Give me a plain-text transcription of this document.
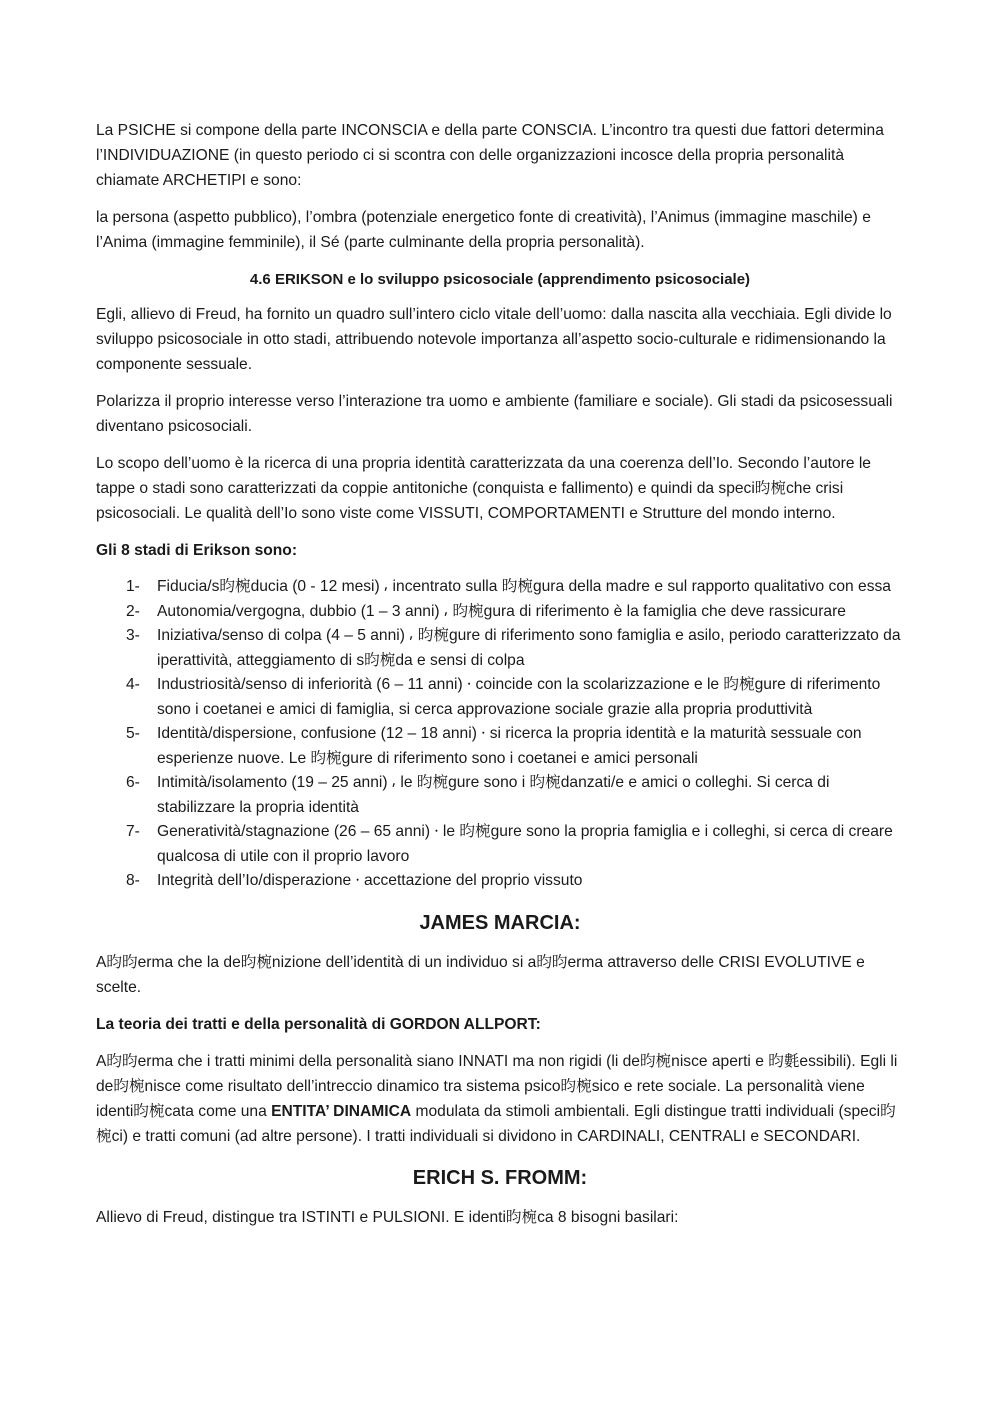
La PSICHE si compone della parte INCONSCIA e della parte CONSCIA. L’incontro tra questi due fattori determina l’INDIVIDUAZIONE (in questo periodo ci si scontra con delle organizzazioni incosce della propria personalità chiamate ARCHETIPI e sono:

la persona (aspetto pubblico), l’ombra (potenziale energetico fonte di creatività), l’Animus (immagine maschile) e l’Anima (immagine femminile), il Sé (parte culminante della propria personalità).

4.6 ERIKSON e lo sviluppo psicosociale (apprendimento psicosociale)

Egli, allievo di Freud, ha fornito un quadro sull’intero ciclo vitale dell’uomo: dalla nascita alla vecchiaia. Egli divide lo sviluppo psicosociale in otto stadi, attribuendo notevole importanza all’aspetto socio-culturale e ridimensionando la componente sessuale.

Polarizza il proprio interesse verso l’interazione tra uomo e ambiente (familiare e sociale). Gli stadi da psicosessuali diventano psicosociali.

Lo scopo dell’uomo è la ricerca di una propria identità caratterizzata da una coerenza dell’Io. Secondo l’autore le tappe o stadi sono caratterizzati da coppie antitoniche (conquista e fallimento) e quindi da speci昀椀che crisi psicosociali. Le qualità dell’Io sono viste come VISSUTI, COMPORTAMENTI e Strutture del mondo interno.

Gli 8 stadi di Erikson sono:

1- Fiducia/s昀椀ducia (0 - 12 mesi) ⸴ incentrato sulla 昀椀gura della madre e sul rapporto qualitativo con essa
2- Autonomia/vergogna, dubbio (1 – 3 anni) ⸴ 昀椀gura di riferimento è la famiglia che deve rassicurare
3- Iniziativa/senso di colpa (4 – 5 anni) ⸴ 昀椀gure di riferimento sono famiglia e asilo, periodo caratterizzato da iperattività, atteggiamento di s昀椀da e sensi di colpa
4- Industriosità/senso di inferiorità (6 – 11 anni) ⸱ coincide con la scolarizzazione e le 昀椀gure di riferimento sono i coetanei e amici di famiglia, si cerca approvazione sociale grazie alla propria produttività
5- Identità/dispersione, confusione (12 – 18 anni) ⸱ si ricerca la propria identità e la maturità sessuale con esperienze nuove. Le 昀椀gure di riferimento sono i coetanei e amici personali
6- Intimità/isolamento (19 – 25 anni) ⸴ le 昀椀gure sono i 昀椀danzati/e e amici o colleghi. Si cerca di stabilizzare la propria identità
7- Generatività/stagnazione (26 – 65 anni) ⸱ le 昀椀gure sono la propria famiglia e i colleghi, si cerca di creare qualcosa di utile con il proprio lavoro
8- Integrità dell’Io/disperazione ⸱ accettazione del proprio vissuto
JAMES MARCIA:

A昀昀erma che la de昀椀nizione dell’identità di un individuo si a昀昀erma attraverso delle CRISI EVOLUTIVE e scelte.

La teoria dei tratti e della personalità di GORDON ALLPORT:

A昀昀erma che i tratti minimi della personalità siano INNATI ma non rigidi (li de昀椀nisce aperti e 昀氀essibili). Egli li de昀椀nisce come risultato dell’intreccio dinamico tra sistema psico昀椀sico e rete sociale. La personalità viene identi昀椀cata come una ENTITA’ DINAMICA modulata da stimoli ambientali. Egli distingue tratti individuali (speci昀椀ci) e tratti comuni (ad altre persone). I tratti individuali si dividono in CARDINALI, CENTRALI e SECONDARI.

ERICH S. FROMM:

Allievo di Freud, distingue tra ISTINTI e PULSIONI. E identi昀椀ca 8 bisogni basilari:
